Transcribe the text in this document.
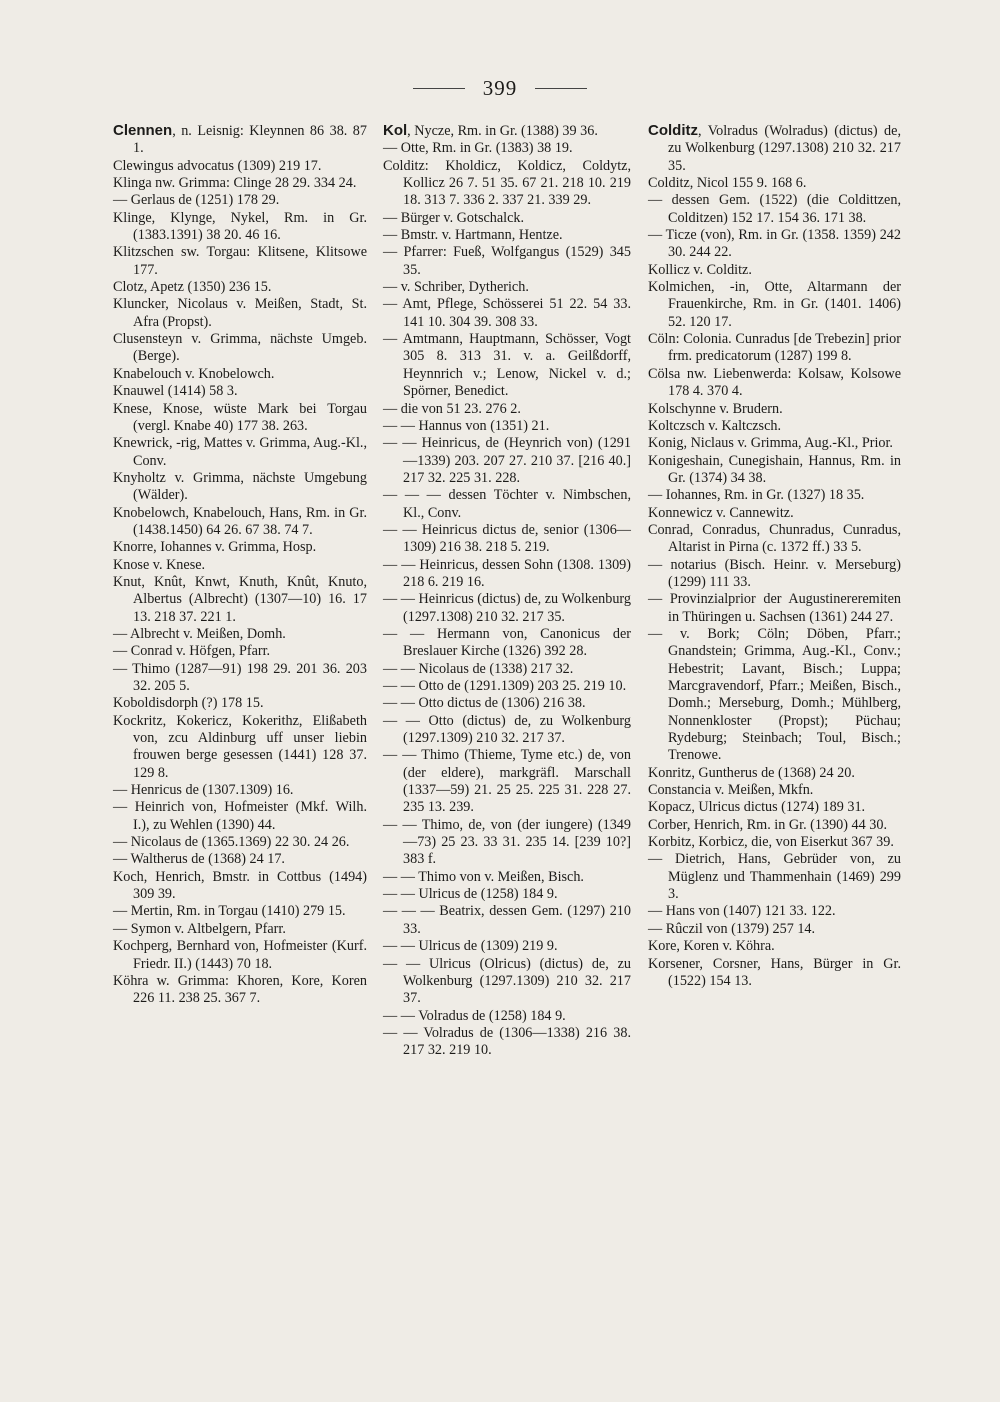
399
Clennen, n. Leisnig: Kleynnen 86 38. 87 1.
Clewingus advocatus (1309) 219 17.
Klinga nw. Grimma: Clinge 28 29. 334 24.
— Gerlaus de (1251) 178 29.
Klinge, Klynge, Nykel, Rm. in Gr. (1383.1391) 38 20. 46 16.
Klitzschen sw. Torgau: Klitsene, Klitsowe 177.
Clotz, Apetz (1350) 236 15.
Kluncker, Nicolaus v. Meißen, Stadt, St. Afra (Propst).
Clusensteyn v. Grimma, nächste Umgeb. (Berge).
Knabelouch v. Knobelowch.
Knauwel (1414) 58 3.
Knese, Knose, wüste Mark bei Torgau (vergl. Knabe 40) 177 38. 263.
Knewrick, -rig, Mattes v. Grimma, Aug.-Kl., Conv.
Knyholtz v. Grimma, nächste Umgebung (Wälder).
Knobelowch, Knabelouch, Hans, Rm. in Gr. (1438.1450) 64 26. 67 38. 74 7.
Knorre, Iohannes v. Grimma, Hosp.
Knose v. Knese.
Knut, Knût, Knwt, Knuth, Knût, Knuto, Albertus (Albrecht) (1307—10) 16. 17 13. 218 37. 221 1.
— Albrecht v. Meißen, Domh.
— Conrad v. Höfgen, Pfarr.
— Thimo (1287—91) 198 29. 201 36. 203 32. 205 5.
Koboldisdorph (?) 178 15.
Kockritz, Kokericz, Kokerithz, Elißabeth von, zcu Aldinburg uff unser liebin frouwen berge gesessen (1441) 128 37. 129 8.
— Henricus de (1307.1309) 16.
— Heinrich von, Hofmeister (Mkf. Wilh. I.), zu Wehlen (1390) 44.
— Nicolaus de (1365.1369) 22 30. 24 26.
— Waltherus de (1368) 24 17.
Koch, Henrich, Bmstr. in Cottbus (1494) 309 39.
— Mertin, Rm. in Torgau (1410) 279 15.
— Symon v. Altbelgern, Pfarr.
Kochperg, Bernhard von, Hofmeister (Kurf. Friedr. II.) (1443) 70 18.
Köhra w. Grimma: Khoren, Kore, Koren 226 11. 238 25. 367 7.
Kol, Nycze, Rm. in Gr. (1388) 39 36.
— Otte, Rm. in Gr. (1383) 38 19.
Colditz: Kholdicz, Koldicz, Coldytz, Kollicz 26 7. 51 35. 67 21. 218 10. 219 18. 313 7. 336 2. 337 21. 339 29.
— Bürger v. Gotschalck.
— Bmstr. v. Hartmann, Hentze.
— Pfarrer: Fueß, Wolfgangus (1529) 345 35.
— v. Schriber, Dytherich.
— Amt, Pflege, Schösserei 51 22. 54 33. 141 10. 304 39. 308 33.
— Amtmann, Hauptmann, Schösser, Vogt 305 8. 313 31. v. a. Geilßdorff, Heynnrich v.; Lenow, Nickel v. d.; Spörner, Benedict.
— die von 51 23. 276 2.
— — Hannus von (1351) 21.
— — Heinricus, de (Heynrich von) (1291—1339) 203. 207 27. 210 37. [216 40.] 217 32. 225 31. 228.
— — — dessen Töchter v. Nimbschen, Kl., Conv.
— — Heinricus dictus de, senior (1306—1309) 216 38. 218 5. 219.
— — Heinricus, dessen Sohn (1308. 1309) 218 6. 219 16.
— — Heinricus (dictus) de, zu Wolkenburg (1297.1308) 210 32. 217 35.
— — Hermann von, Canonicus der Breslauer Kirche (1326) 392 28.
— — Nicolaus de (1338) 217 32.
— — Otto de (1291.1309) 203 25. 219 10.
— — Otto dictus de (1306) 216 38.
— — Otto (dictus) de, zu Wolkenburg (1297.1309) 210 32. 217 37.
— — Thimo (Thieme, Tyme etc.) de, von (der eldere), markgräfl. Marschall (1337—59) 21. 25 25. 225 31. 228 27. 235 13. 239.
— — Thimo, de, von (der iungere) (1349—73) 25 23. 33 31. 235 14. [239 10?] 383 f.
— — Thimo von v. Meißen, Bisch.
— — Ulricus de (1258) 184 9.
— — — Beatrix, dessen Gem. (1297) 210 33.
— — Ulricus de (1309) 219 9.
— — Ulricus (Olricus) (dictus) de, zu Wolkenburg (1297.1309) 210 32. 217 37.
— — Volradus de (1258) 184 9.
— — Volradus de (1306—1338) 216 38. 217 32. 219 10.
Colditz, Volradus (Wolradus) (dictus) de, zu Wolkenburg (1297.1308) 210 32. 217 35.
Colditz, Nicol 155 9. 168 6.
— dessen Gem. (1522) (die Coldittzen, Colditzen) 152 17. 154 36. 171 38.
— Ticze (von), Rm. in Gr. (1358. 1359) 242 30. 244 22.
Kollicz v. Colditz.
Kolmichen, -in, Otte, Altarmann der Frauenkirche, Rm. in Gr. (1401. 1406) 52. 120 17.
Cöln: Colonia. Cunradus [de Trebezin] prior frm. predicatorum (1287) 199 8.
Cölsa nw. Liebenwerda: Kolsaw, Kolsowe 178 4. 370 4.
Kolschynne v. Brudern.
Koltczsch v. Kaltczsch.
Konig, Niclaus v. Grimma, Aug.-Kl., Prior.
Konigeshain, Cunegishain, Hannus, Rm. in Gr. (1374) 34 38.
— Iohannes, Rm. in Gr. (1327) 18 35.
Konnewicz v. Cannewitz.
Conrad, Conradus, Chunradus, Cunradus, Altarist in Pirna (c. 1372 ff.) 33 5.
— notarius (Bisch. Heinr. v. Merseburg) (1299) 111 33.
— Provinzialprior der Augustinereremiten in Thüringen u. Sachsen (1361) 244 27.
— v. Bork; Cöln; Döben, Pfarr.; Gnandstein; Grimma, Aug.-Kl., Conv.; Hebestrit; Lavant, Bisch.; Luppa; Marcgravendorf, Pfarr.; Meißen, Bisch., Domh.; Merseburg, Domh.; Mühlberg, Nonnenkloster (Propst); Püchau; Rydeburg; Steinbach; Toul, Bisch.; Trenowe.
Konritz, Guntherus de (1368) 24 20.
Constancia v. Meißen, Mkfn.
Kopacz, Ulricus dictus (1274) 189 31.
Corber, Henrich, Rm. in Gr. (1390) 44 30.
Korbitz, Korbicz, die, von Eiserkut 367 39.
— Dietrich, Hans, Gebrüder von, zu Müglenz und Thammenhain (1469) 299 3.
— Hans von (1407) 121 33. 122.
— Rûczil von (1379) 257 14.
Kore, Koren v. Köhra.
Korsener, Corsner, Hans, Bürger in Gr. (1522) 154 13.
